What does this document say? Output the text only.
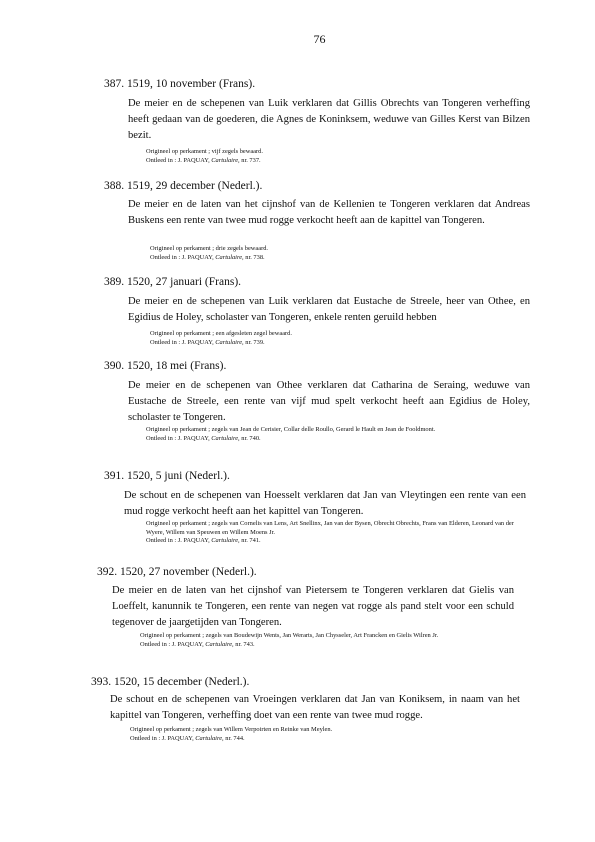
76
387. 1519, 10 november (Frans).
De meier en de schepenen van Luik verklaren dat Gillis Obrechts van Tongeren verheffing heeft gedaan van de goederen, die Agnes de Koninksem, weduwe van Gilles Kerst van Bilzen bezit.
Origineel op perkament ; vijf zegels bewaard.
Ontleed in : J. PAQUAY, Cartulaire, nr. 737.
388. 1519, 29 december (Nederl.).
De meier en de laten van het cijnshof van de Kellenien te Tongeren verklaren dat Andreas Buskens een rente van twee mud rogge verkocht heeft aan de kapittel van Tongeren.
Origineel op perkament ; drie zegels bewaard.
Ontleed in : J. PAQUAY, Cartulaire, nr. 738.
389. 1520, 27 januari (Frans).
De meier en de schepenen van Luik verklaren dat Eustache de Streele, heer van Othee, en Egidius de Holey, scholaster van Tongeren, enkele renten geruild hebben
Origineel op perkament ; een afgesleten zegel bewaard.
Ontleed in : J. PAQUAY, Cartulaire, nr. 739.
390. 1520, 18 mei (Frans).
De meier en de schepenen van Othee verklaren dat Catharina de Seraing, weduwe van Eustache de Streele, een rente van vijf mud spelt verkocht heeft aan Egidius de Holey, scholaster te Tongeren.
Origineel op perkament ; zegels van Jean de Cerisier, Collar delle Roullo, Gerard le Hault en Jean de Fooldmont.
Ontleed in : J. PAQUAY, Cartulaire, nr. 740.
391. 1520, 5 juni (Nederl.).
De schout en de schepenen van Hoesselt verklaren dat Jan van Vleytingen een rente van een mud rogge verkocht heeft aan het kapittel van Tongeren.
Origineel op perkament ; zegels van Cornelis van Lens, Art Snellinx, Jan van der Bysen, Obrecht Obrechts, Frans van Elderen, Leonard van der Wyere, Willem van Speuwen en Willem Moens Jr.
Ontleed in : J. PAQUAY, Cartulaire, nr. 741.
392. 1520, 27 november (Nederl.).
De meier en de laten van het cijnshof van Pietersem te Tongeren verklaren dat Gielis van Loeffelt, kanunnik te Tongeren, een rente van negen vat rogge als pand stelt voor een schuld tegenover de jaargetijden van Tongeren.
Origineel op perkament ; zegels van Boudewijn Wents, Jan Werarts, Jan Chysseler, Art Francken en Gielis Wilren Jr.
Ontleed in : J. PAQUAY, Cartulaire, nr. 743.
393. 1520, 15 december (Nederl.).
De schout en de schepenen van Vroeingen verklaren dat Jan van Koniksem, in naam van het kapittel van Tongeren, verheffing doet van een rente van twee mud rogge.
Origineel op perkament ; zegels van Willem Verpoirten en Reinke van Meylen.
Ontleed in : J. PAQUAY, Cartulaire, nr. 744.
